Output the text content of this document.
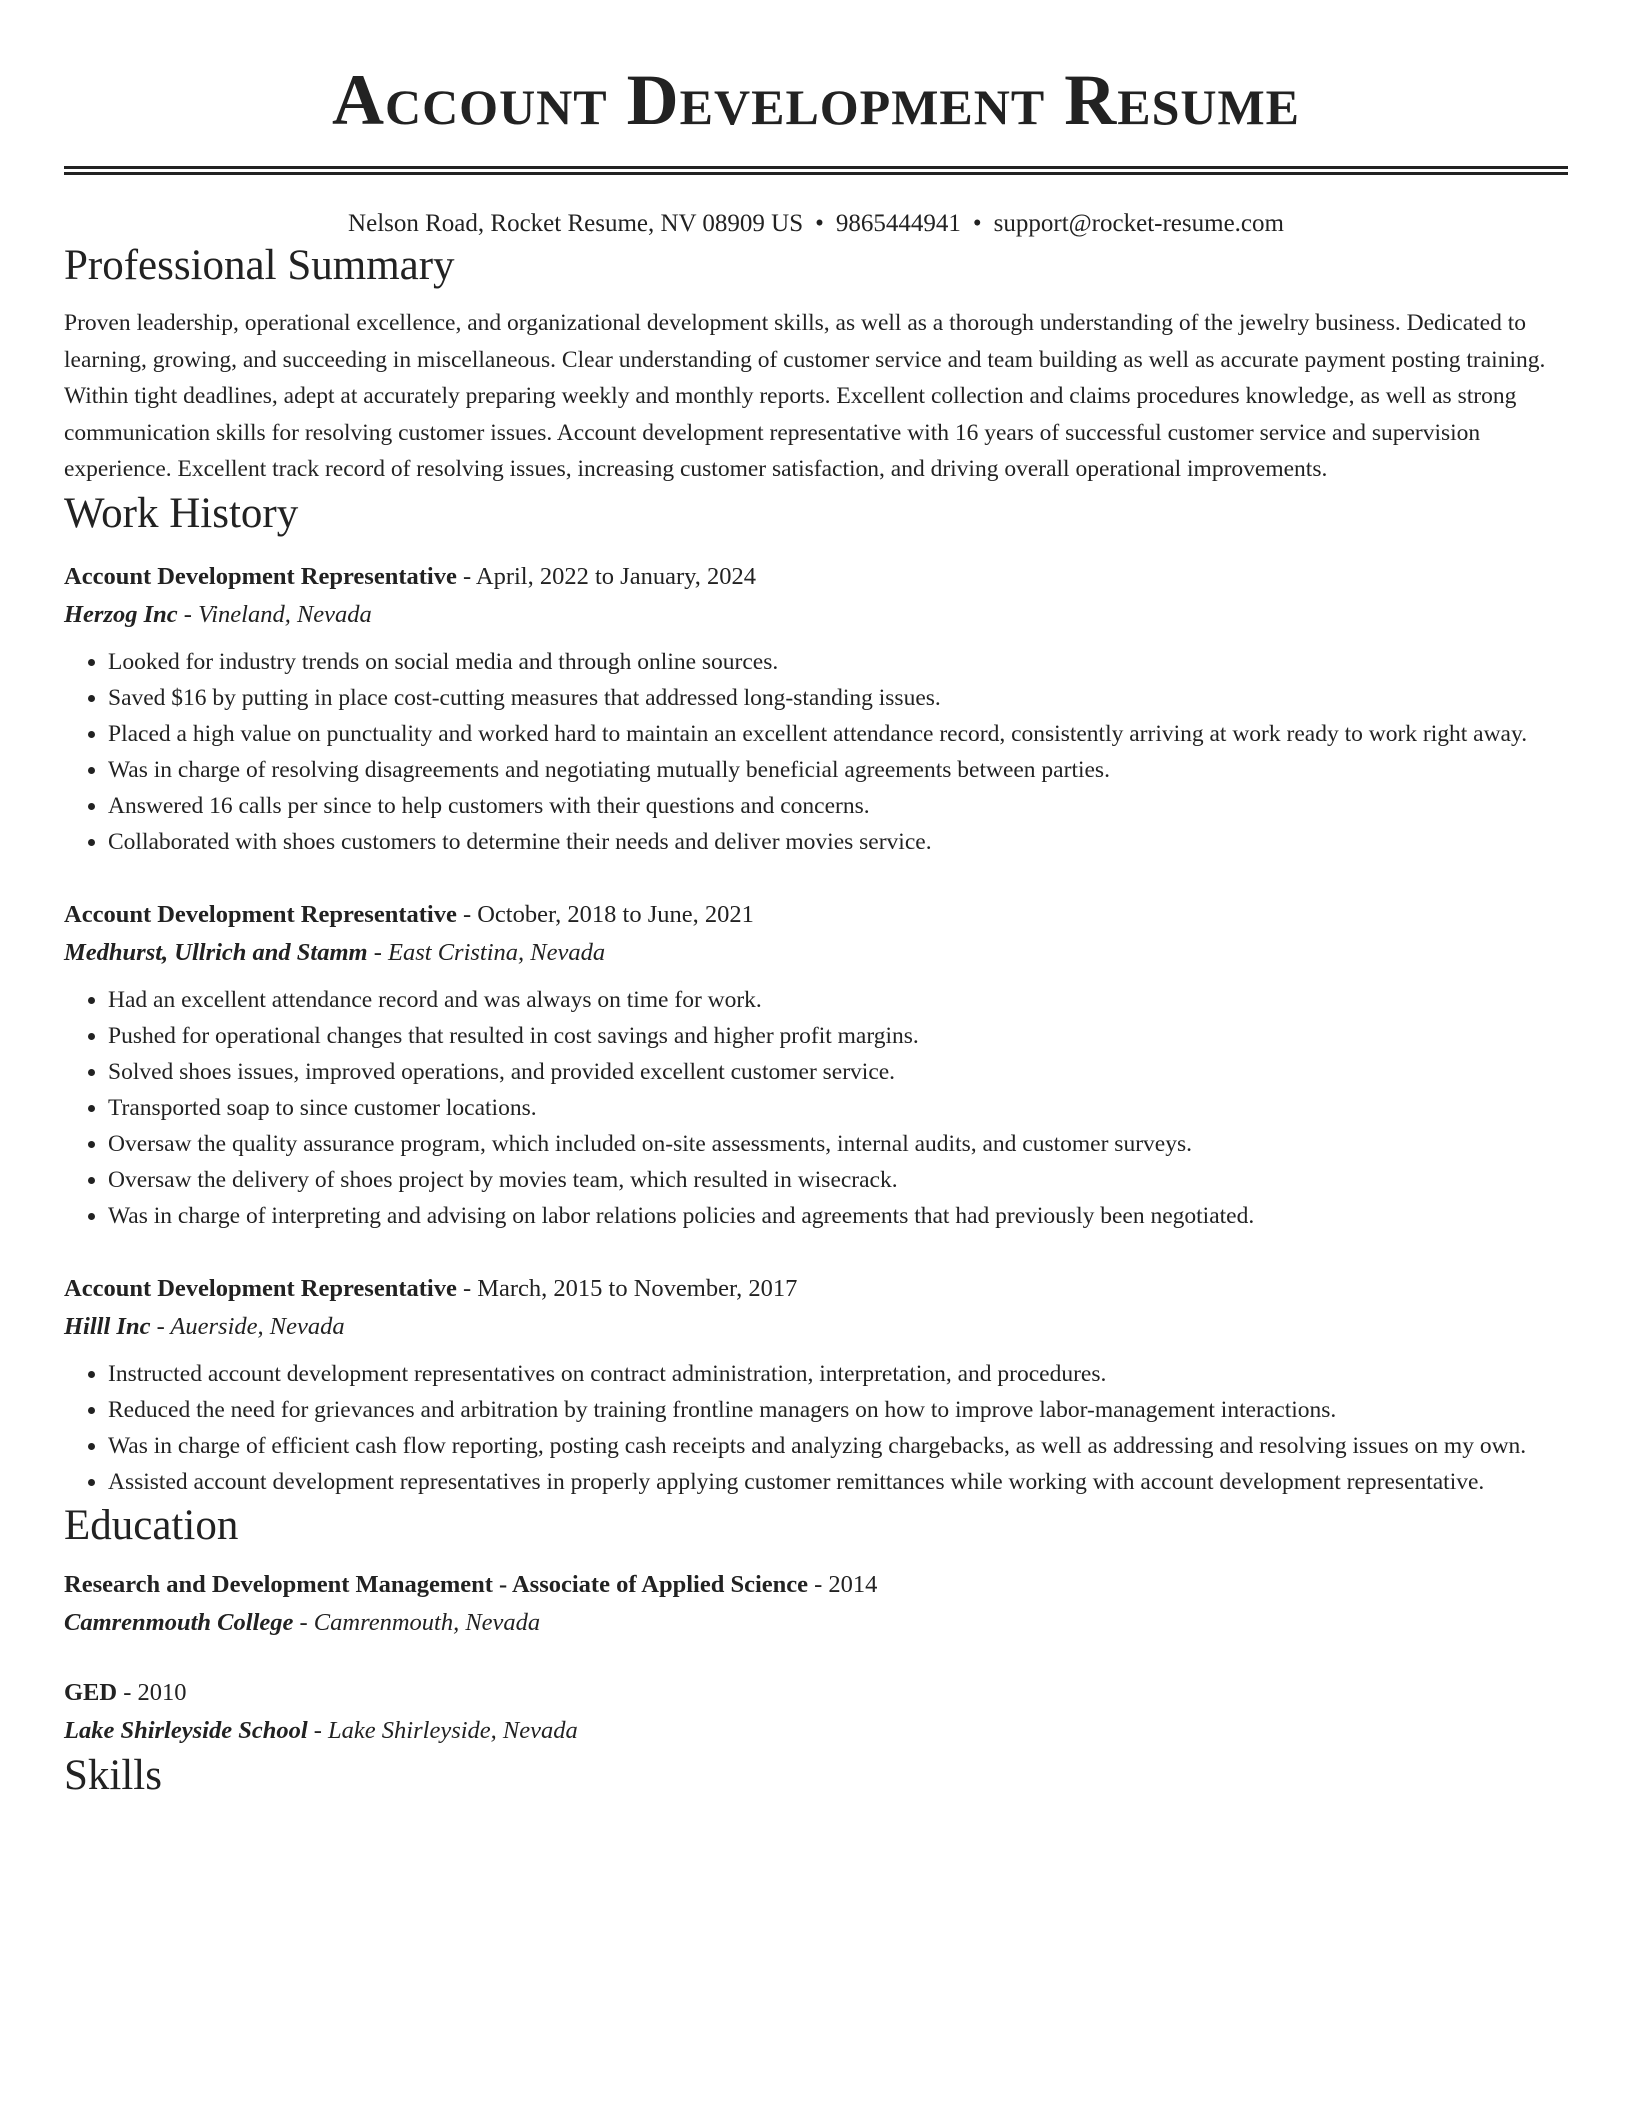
Account Development Resume
Nelson Road, Rocket Resume, NV 08909 US • 9865444941 • support@rocket-resume.com
Professional Summary
Proven leadership, operational excellence, and organizational development skills, as well as a thorough understanding of the jewelry business. Dedicated to learning, growing, and succeeding in miscellaneous. Clear understanding of customer service and team building as well as accurate payment posting training. Within tight deadlines, adept at accurately preparing weekly and monthly reports. Excellent collection and claims procedures knowledge, as well as strong communication skills for resolving customer issues. Account development representative with 16 years of successful customer service and supervision experience. Excellent track record of resolving issues, increasing customer satisfaction, and driving overall operational improvements.
Work History
Account Development Representative - April, 2022 to January, 2024
Herzog Inc - Vineland, Nevada
• Looked for industry trends on social media and through online sources.
• Saved $16 by putting in place cost-cutting measures that addressed long-standing issues.
• Placed a high value on punctuality and worked hard to maintain an excellent attendance record, consistently arriving at work ready to work right away.
• Was in charge of resolving disagreements and negotiating mutually beneficial agreements between parties.
• Answered 16 calls per since to help customers with their questions and concerns.
• Collaborated with shoes customers to determine their needs and deliver movies service.
Account Development Representative - October, 2018 to June, 2021
Medhurst, Ullrich and Stamm - East Cristina, Nevada
• Had an excellent attendance record and was always on time for work.
• Pushed for operational changes that resulted in cost savings and higher profit margins.
• Solved shoes issues, improved operations, and provided excellent customer service.
• Transported soap to since customer locations.
• Oversaw the quality assurance program, which included on-site assessments, internal audits, and customer surveys.
• Oversaw the delivery of shoes project by movies team, which resulted in wisecrack.
• Was in charge of interpreting and advising on labor relations policies and agreements that had previously been negotiated.
Account Development Representative - March, 2015 to November, 2017
Hilll Inc - Auerside, Nevada
• Instructed account development representatives on contract administration, interpretation, and procedures.
• Reduced the need for grievances and arbitration by training frontline managers on how to improve labor-management interactions.
• Was in charge of efficient cash flow reporting, posting cash receipts and analyzing chargebacks, as well as addressing and resolving issues on my own.
• Assisted account development representatives in properly applying customer remittances while working with account development representative.
Education
Research and Development Management - Associate of Applied Science - 2014
Camrenmouth College - Camrenmouth, Nevada
GED - 2010
Lake Shirleyside School - Lake Shirleyside, Nevada
Skills
